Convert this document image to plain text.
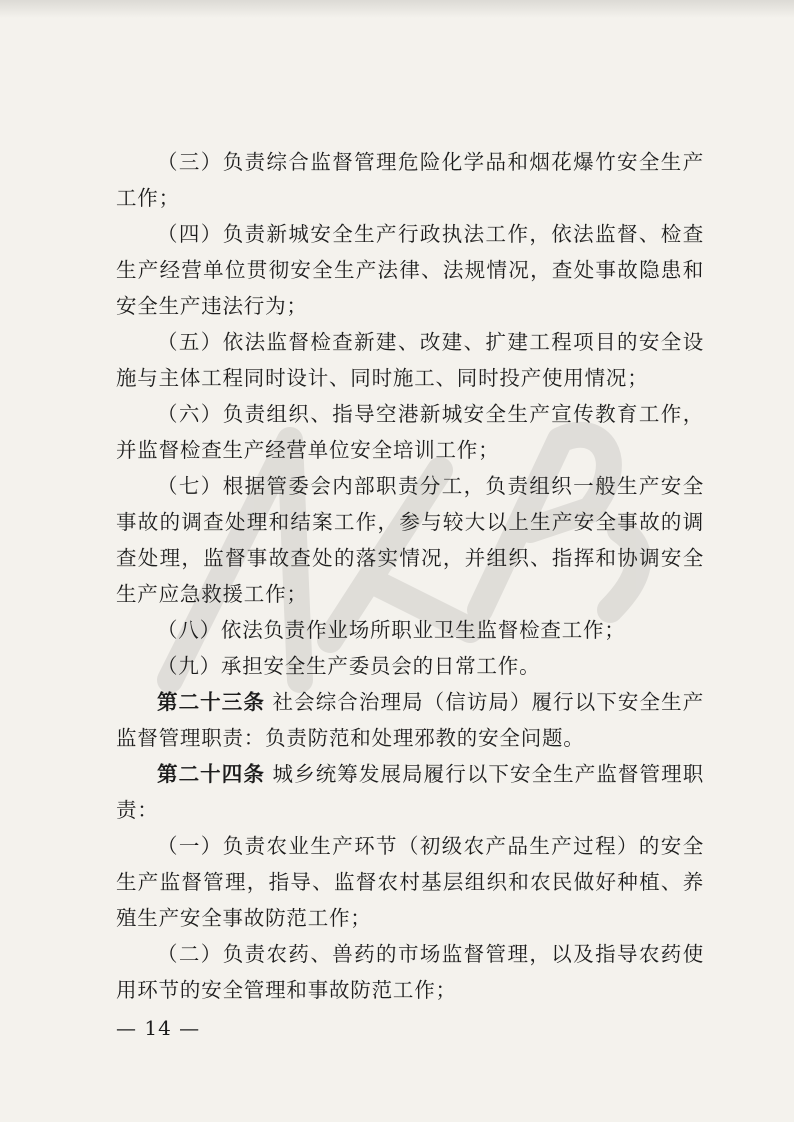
（三）负责综合监督管理危险化学品和烟花爆竹安全生产工作；

（四）负责新城安全生产行政执法工作，依法监督、检查生产经营单位贯彻安全生产法律、法规情况，查处事故隐患和安全生产违法行为；

（五）依法监督检查新建、改建、扩建工程项目的安全设施与主体工程同时设计、同时施工、同时投产使用情况；

（六）负责组织、指导空港新城安全生产宣传教育工作，并监督检查生产经营单位安全培训工作；

（七）根据管委会内部职责分工，负责组织一般生产安全事故的调查处理和结案工作，参与较大以上生产安全事故的调查处理，监督事故查处的落实情况，并组织、指挥和协调安全生产应急救援工作；

（八）依法负责作业场所职业卫生监督检查工作；

（九）承担安全生产委员会的日常工作。

第二十三条 社会综合治理局（信访局）履行以下安全生产监督管理职责：负责防范和处理邪教的安全问题。

第二十四条 城乡统筹发展局履行以下安全生产监督管理职责：

（一）负责农业生产环节（初级农产品生产过程）的安全生产监督管理，指导、监督农村基层组织和农民做好种植、养殖生产安全事故防范工作；

（二）负责农药、兽药的市场监督管理，以及指导农药使用环节的安全管理和事故防范工作；

— 14 —
